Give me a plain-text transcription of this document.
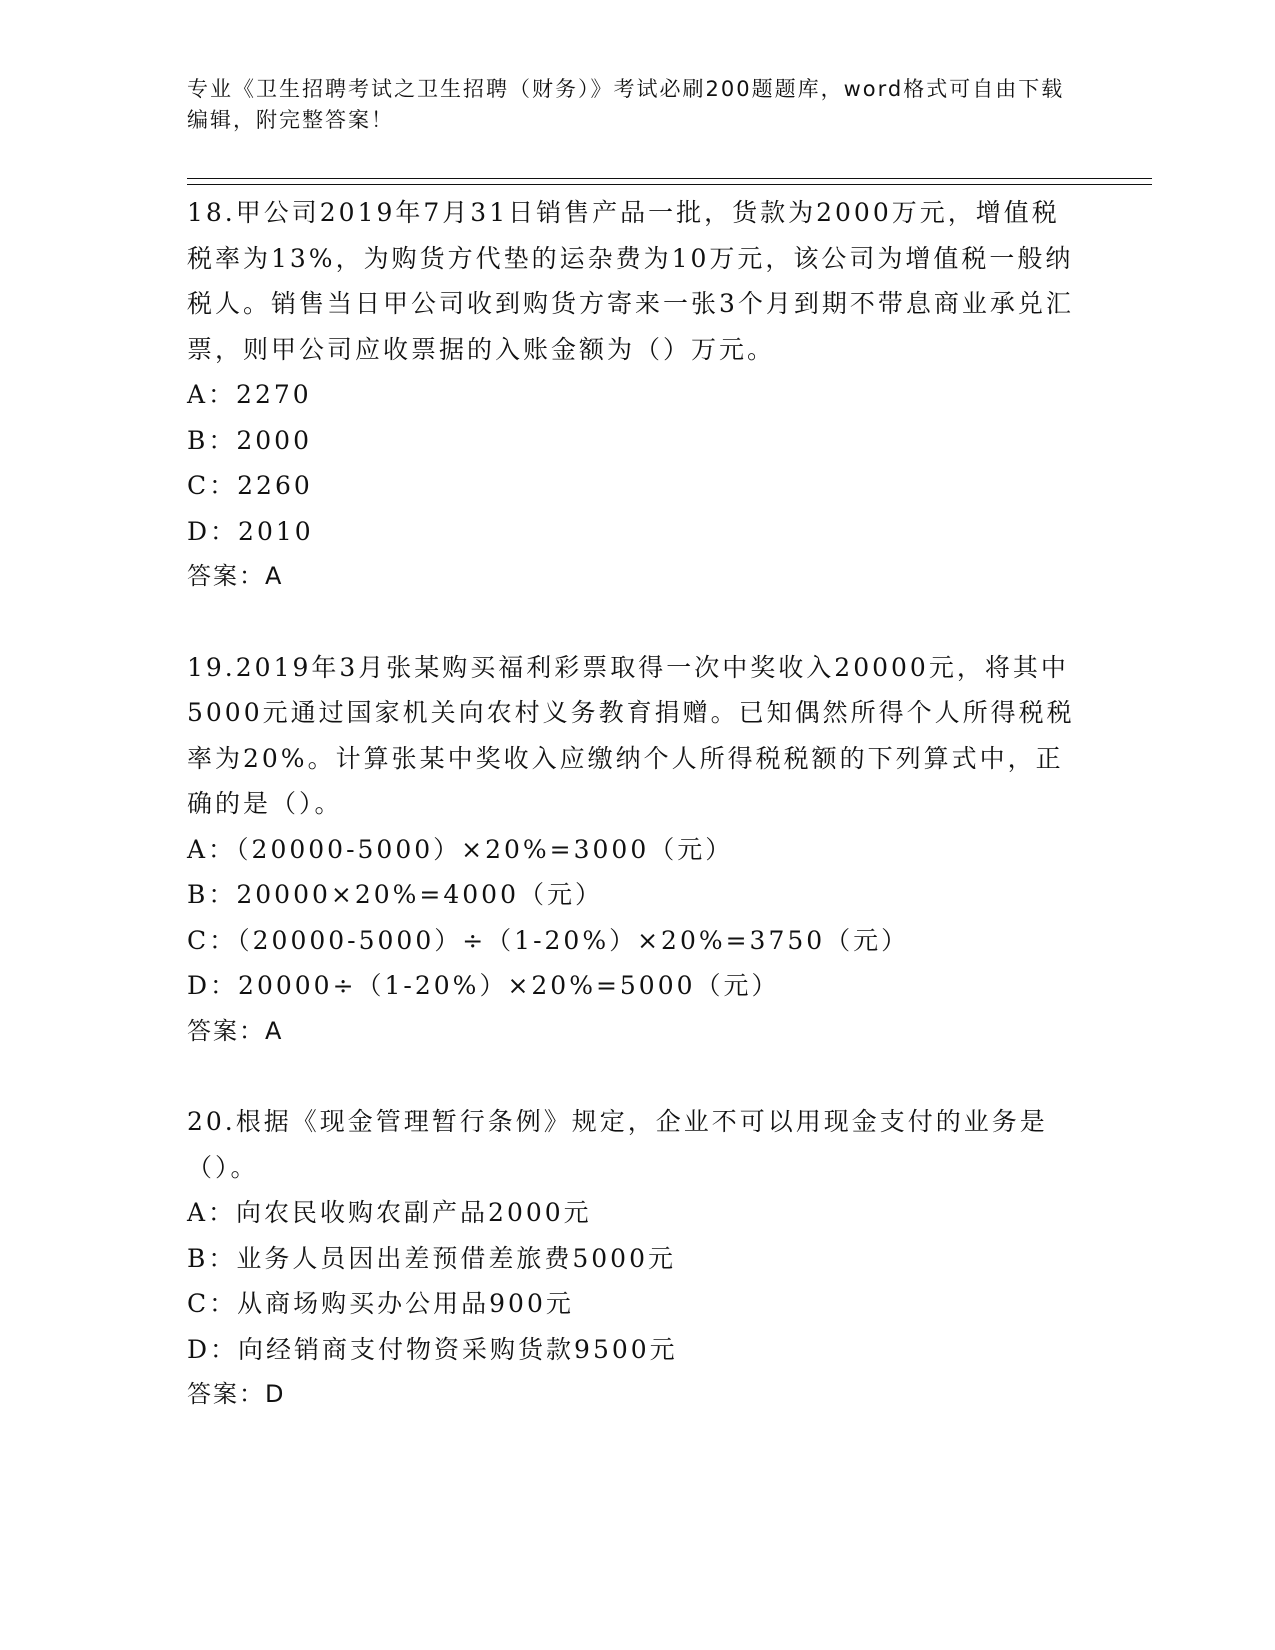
专业《卫生招聘考试之卫生招聘（财务）》考试必刷200题题库，word格式可自由下载编辑，附完整答案！

18.甲公司2019年7月31日销售产品一批，货款为2000万元，增值税税率为13%，为购货方代垫的运杂费为10万元，该公司为增值税一般纳税人。销售当日甲公司收到购货方寄来一张3个月到期不带息商业承兑汇票，则甲公司应收票据的入账金额为（）万元。

A：2270

B：2000

C：2260

D：2010

答案：A

19.2019年3月张某购买福利彩票取得一次中奖收入20000元，将其中5000元通过国家机关向农村义务教育捐赠。已知偶然所得个人所得税税率为20%。计算张某中奖收入应缴纳个人所得税税额的下列算式中，正确的是（）。

A：（20000-5000）×20%=3000（元）

B：20000×20%=4000（元）

C：（20000-5000）÷（1-20%）×20%=3750（元）

D：20000÷（1-20%）×20%=5000（元）

答案：A

20.根据《现金管理暂行条例》规定，企业不可以用现金支付的业务是（）。

A：向农民收购农副产品2000元

B：业务人员因出差预借差旅费5000元

C：从商场购买办公用品900元

D：向经销商支付物资采购货款9500元

答案：D
